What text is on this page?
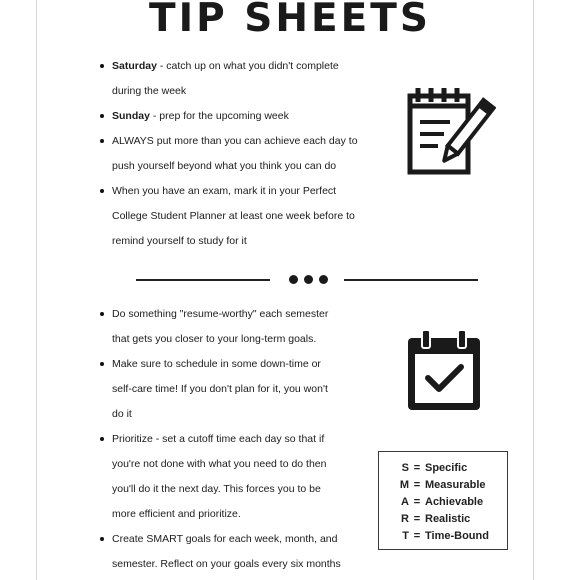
TIP SHEETS
Saturday - catch up on what you didn't complete
during the week
Sunday - prep for the upcoming week
ALWAYS put more than you can achieve each day to
push yourself beyond what you think you can do
When you have an exam, mark it in your Perfect
College Student Planner at least one week before to
remind yourself to study for it
Do something "resume-worthy" each semester
that gets you closer to your long-term goals.
Make sure to schedule in some down-time or
self-care time! If you don't plan for it, you won't
do it
Prioritize - set a cutoff time each day so that if
you're not done with what you need to do then
you'll do it the next day. This forces you to be
more efficient and prioritize.
Create SMART goals for each week, month, and
semester. Reflect on your goals every six months
S = Specific
M = Measurable
A = Achievable
R = Realistic
T = Time-Bound
